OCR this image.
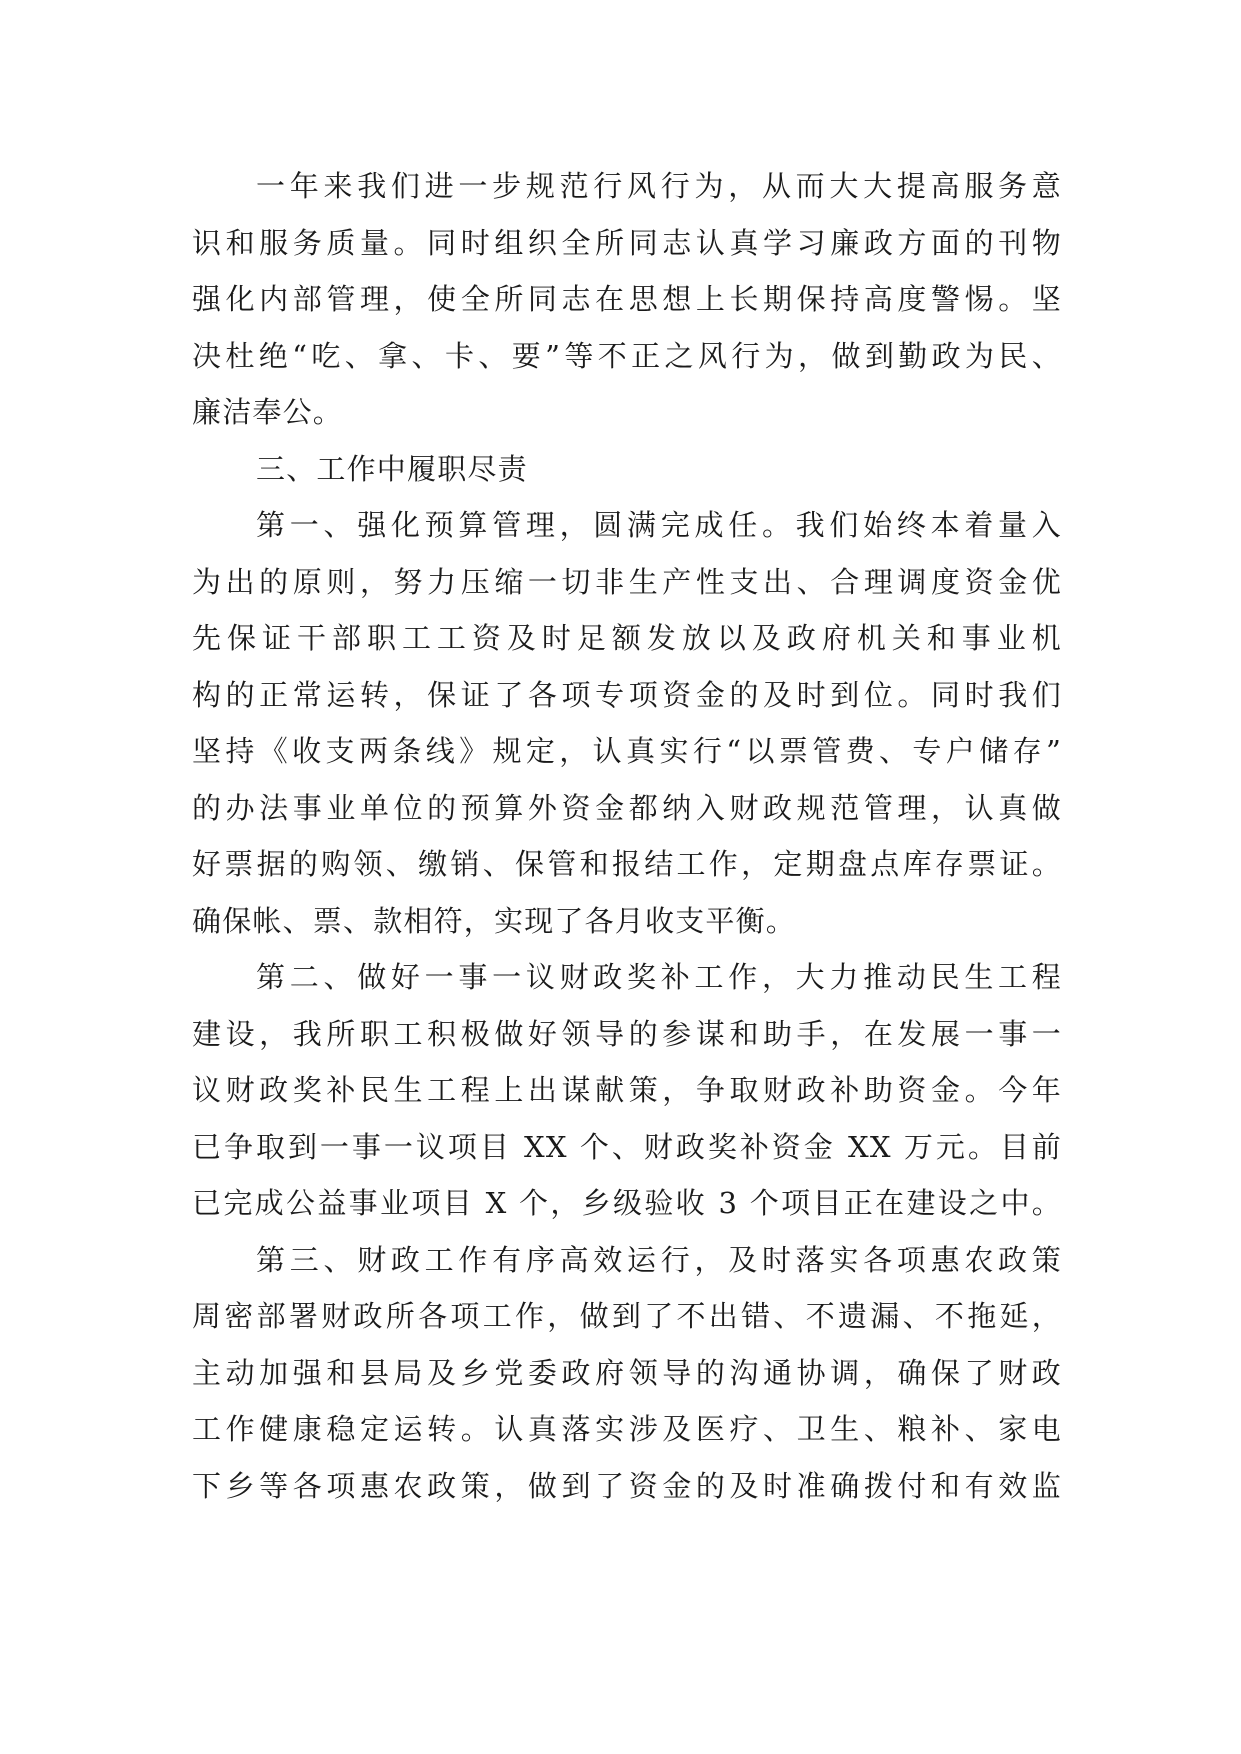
一年来我们进一步规范行风行为，从而大大提高服务意
识和服务质量。同时组织全所同志认真学习廉政方面的刊物
强化内部管理，使全所同志在思想上长期保持高度警惕。坚
决杜绝“吃、拿、卡、要”等不正之风行为，做到勤政为民、
廉洁奉公。
三、工作中履职尽责
第一、强化预算管理，圆满完成任。我们始终本着量入
为出的原则，努力压缩一切非生产性支出、合理调度资金优
先保证干部职工工资及时足额发放以及政府机关和事业机
构的正常运转，保证了各项专项资金的及时到位。同时我们
坚持《收支两条线》规定，认真实行“以票管费、专户储存”
的办法事业单位的预算外资金都纳入财政规范管理，认真做
好票据的购领、缴销、保管和报结工作，定期盘点库存票证。
确保帐、票、款相符，实现了各月收支平衡。
第二、做好一事一议财政奖补工作，大力推动民生工程
建设，我所职工积极做好领导的参谋和助手，在发展一事一
议财政奖补民生工程上出谋献策，争取财政补助资金。今年
已争取到一事一议项目 XX 个、财政奖补资金 XX 万元。目前
已完成公益事业项目 X 个，乡级验收 3 个项目正在建设之中。
第三、财政工作有序高效运行，及时落实各项惠农政策
周密部署财政所各项工作，做到了不出错、不遗漏、不拖延，
主动加强和县局及乡党委政府领导的沟通协调，确保了财政
工作健康稳定运转。认真落实涉及医疗、卫生、粮补、家电
下乡等各项惠农政策，做到了资金的及时准确拨付和有效监
